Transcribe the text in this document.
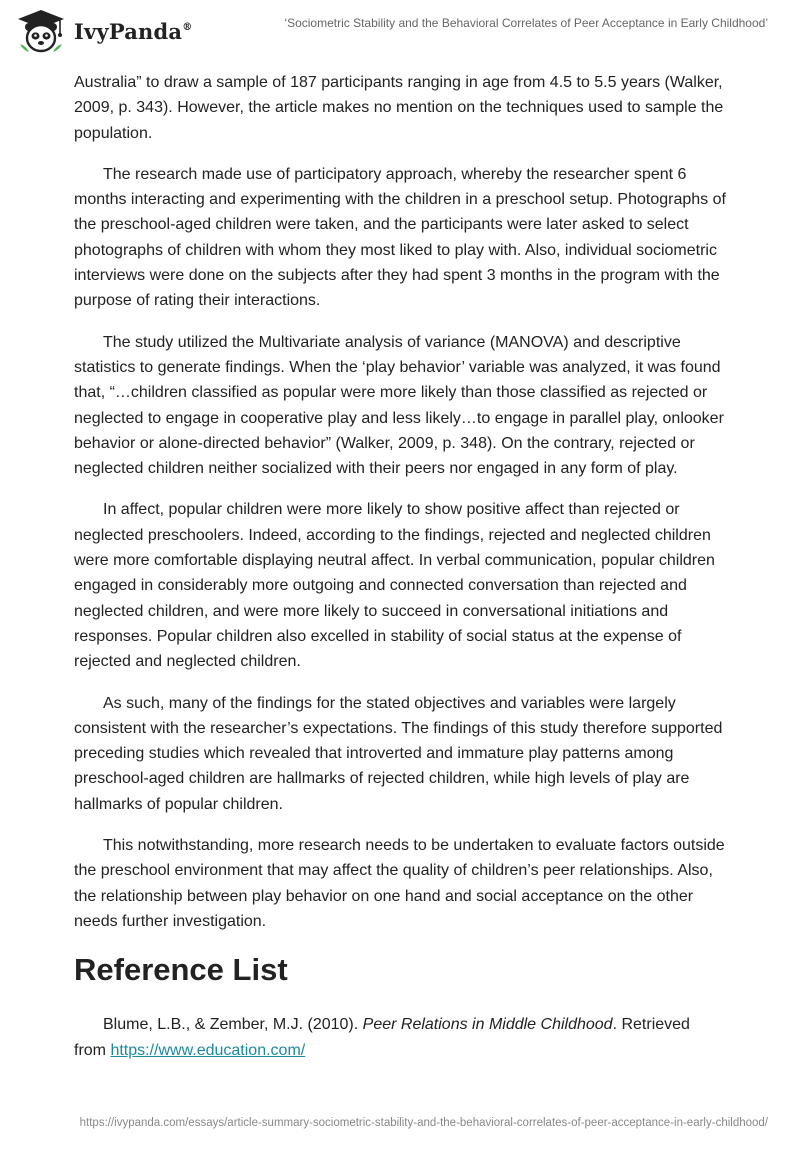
IvyPanda®	‘Sociometric Stability and the Behavioral Correlates of Peer Acceptance in Early Childhood’

Australia” to draw a sample of 187 participants ranging in age from 4.5 to 5.5 years (Walker, 2009, p. 343). However, the article makes no mention on the techniques used to sample the population.

The research made use of participatory approach, whereby the researcher spent 6 months interacting and experimenting with the children in a preschool setup. Photographs of the preschool-aged children were taken, and the participants were later asked to select photographs of children with whom they most liked to play with. Also, individual sociometric interviews were done on the subjects after they had spent 3 months in the program with the purpose of rating their interactions.

The study utilized the Multivariate analysis of variance (MANOVA) and descriptive statistics to generate findings. When the ‘play behavior’ variable was analyzed, it was found that, “…children classified as popular were more likely than those classified as rejected or neglected to engage in cooperative play and less likely…to engage in parallel play, onlooker behavior or alone-directed behavior” (Walker, 2009, p. 348). On the contrary, rejected or neglected children neither socialized with their peers nor engaged in any form of play.

In affect, popular children were more likely to show positive affect than rejected or neglected preschoolers. Indeed, according to the findings, rejected and neglected children were more comfortable displaying neutral affect. In verbal communication, popular children engaged in considerably more outgoing and connected conversation than rejected and neglected children, and were more likely to succeed in conversational initiations and responses. Popular children also excelled in stability of social status at the expense of rejected and neglected children.

As such, many of the findings for the stated objectives and variables were largely consistent with the researcher’s expectations. The findings of this study therefore supported preceding studies which revealed that introverted and immature play patterns among preschool-aged children are hallmarks of rejected children, while high levels of play are hallmarks of popular children.

This notwithstanding, more research needs to be undertaken to evaluate factors outside the preschool environment that may affect the quality of children’s peer relationships. Also, the relationship between play behavior on one hand and social acceptance on the other needs further investigation.

Reference List

Blume, L.B., & Zember, M.J. (2010). Peer Relations in Middle Childhood. Retrieved from https://www.education.com/

https://ivypanda.com/essays/article-summary-sociometric-stability-and-the-behavioral-correlates-of-peer-acceptance-in-early-childhood/
